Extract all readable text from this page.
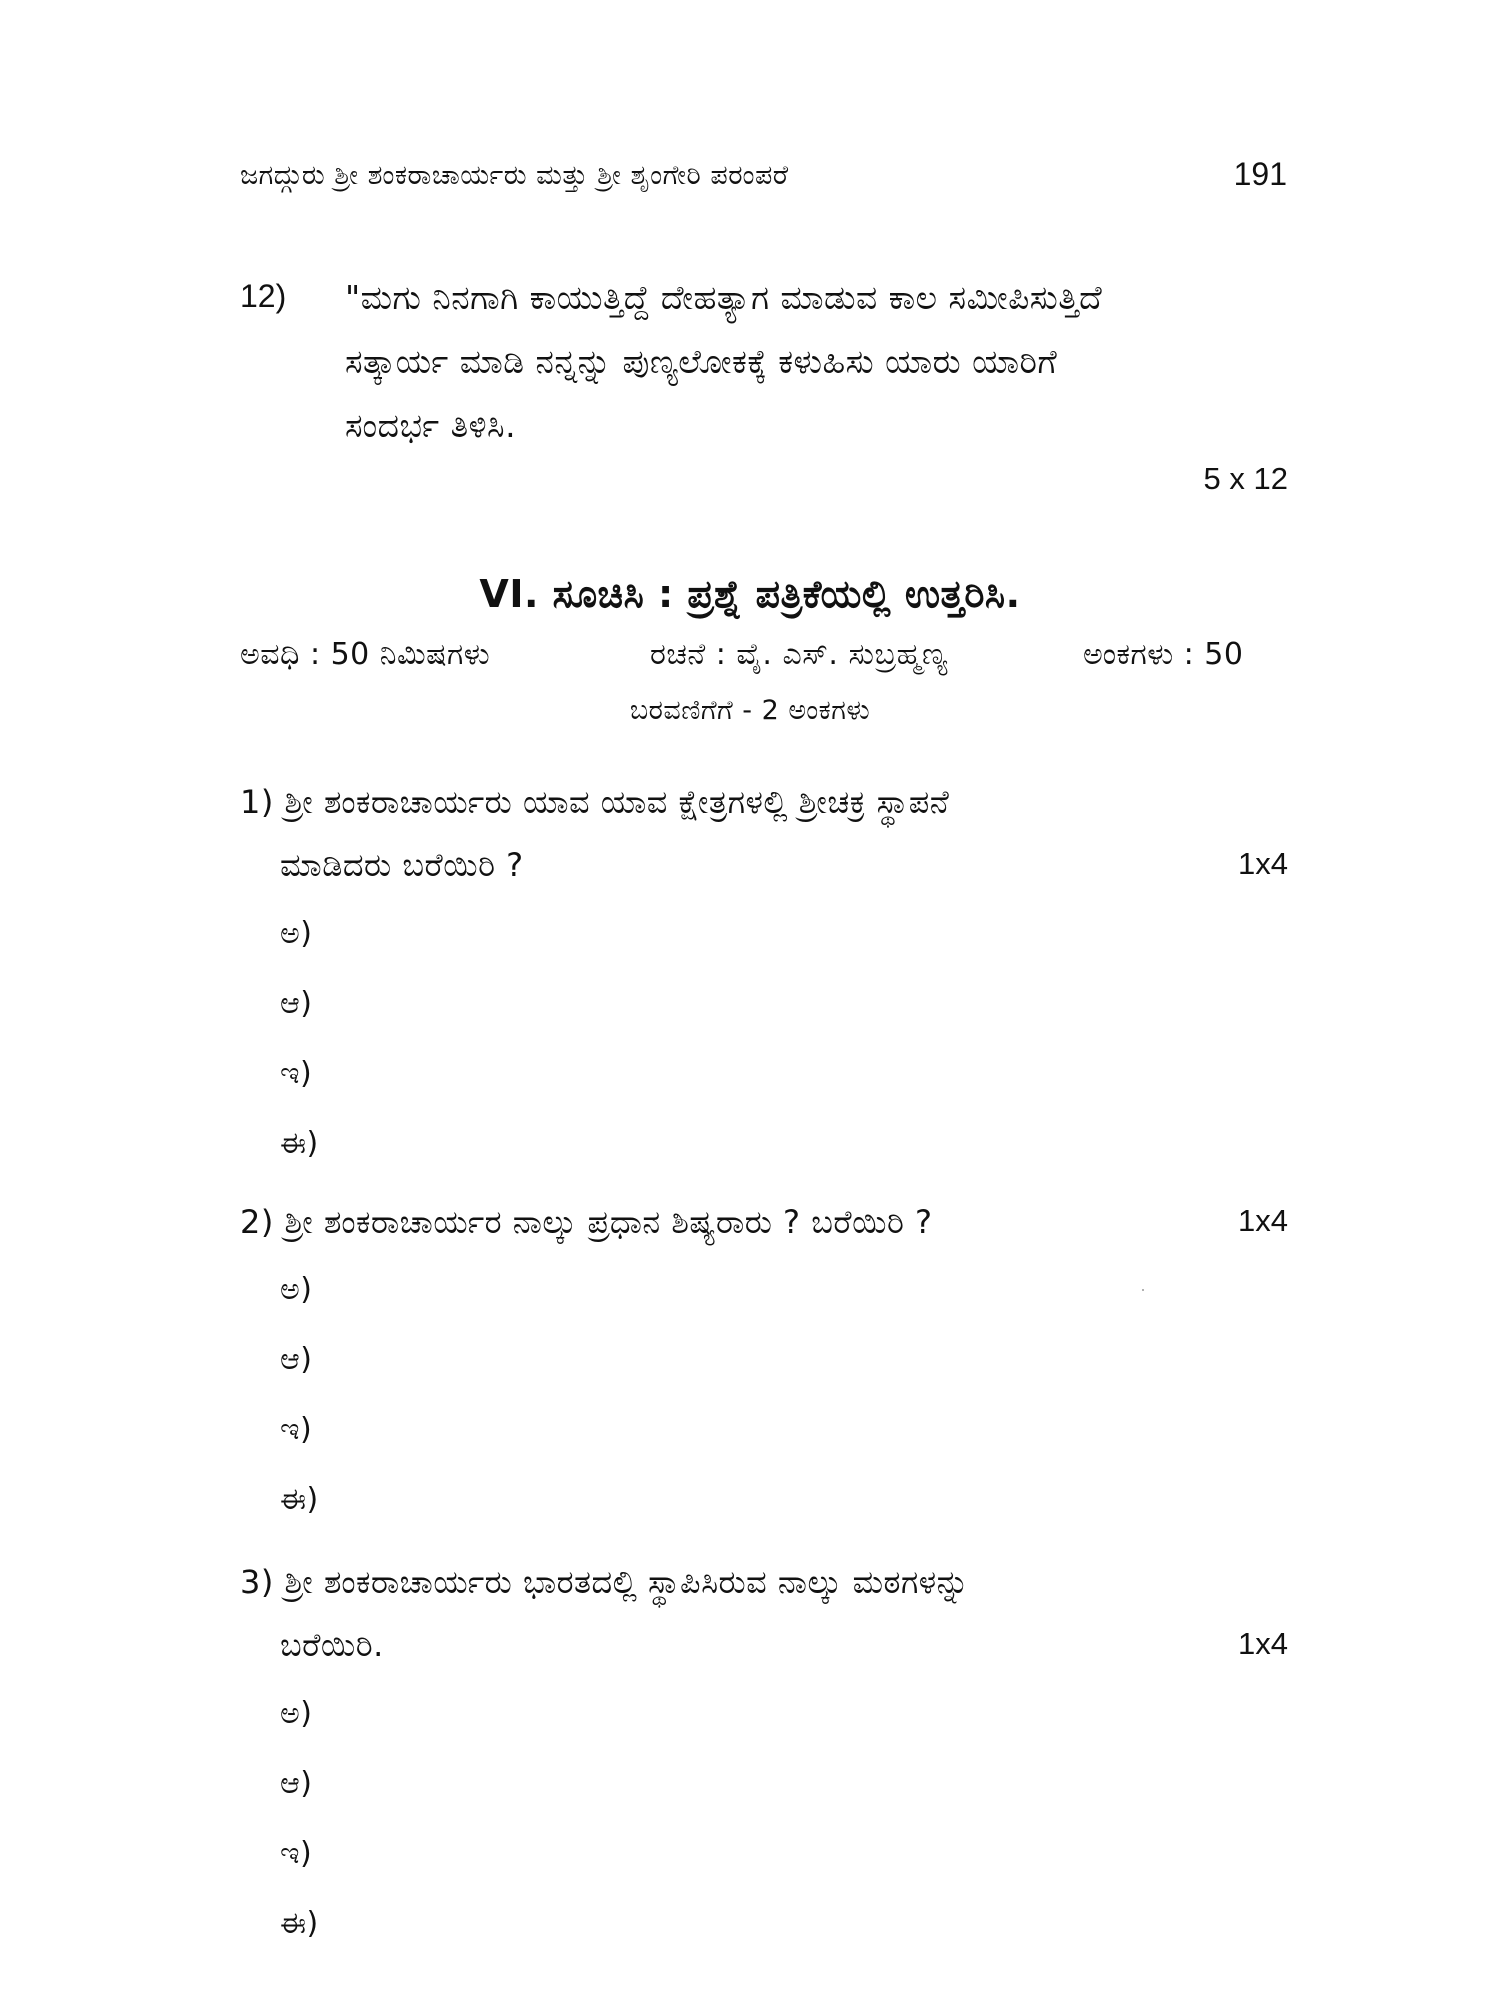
ಜಗದ್ಗುರು ಶ್ರೀ ಶಂಕರಾಚಾರ್ಯರು ಮತ್ತು ಶ್ರೀ ಶೃಂಗೇರಿ ಪರಂಪರೆ	191
12) "ಮಗು ನಿನಗಾಗಿ ಕಾಯುತ್ತಿದ್ದೆ ದೇಹತ್ಯಾಗ ಮಾಡುವ ಕಾಲ ಸಮೀಪಿಸುತ್ತಿದೆ
ಸತ್ಕಾರ್ಯ ಮಾಡಿ ನನ್ನನ್ನು ಪುಣ್ಯಲೋಕಕ್ಕೆ ಕಳುಹಿಸು ಯಾರು ಯಾರಿಗೆ
ಸಂದರ್ಭ ತಿಳಿಸಿ.
5 x 12
VI. ಸೂಚಿಸಿ : ಪ್ರಶ್ನೆ ಪತ್ರಿಕೆಯಲ್ಲಿ ಉತ್ತರಿಸಿ.
ಅವಧಿ : 50 ನಿಮಿಷಗಳು	ರಚನೆ : ವೈ. ಎಸ್. ಸುಬ್ರಹ್ಮಣ್ಯ	ಅಂಕಗಳು : 50
ಬರವಣಿಗೆಗೆ - 2 ಅಂಕಗಳು
1) ಶ್ರೀ ಶಂಕರಾಚಾರ್ಯರು ಯಾವ ಯಾವ ಕ್ಷೇತ್ರಗಳಲ್ಲಿ ಶ್ರೀಚಕ್ರ ಸ್ಥಾಪನೆ
ಮಾಡಿದರು ಬರೆಯಿರಿ ?	1x4
ಅ)
ಆ)
ಇ)
ಈ)
2) ಶ್ರೀ ಶಂಕರಾಚಾರ್ಯರ ನಾಲ್ಕು ಪ್ರಧಾನ ಶಿಷ್ಯರಾರು ? ಬರೆಯಿರಿ ?	1x4
ಅ)
ಆ)
ಇ)
ಈ)
3) ಶ್ರೀ ಶಂಕರಾಚಾರ್ಯರು ಭಾರತದಲ್ಲಿ ಸ್ಥಾಪಿಸಿರುವ ನಾಲ್ಕು ಮಠಗಳನ್ನು
ಬರೆಯಿರಿ.	1x4
ಅ)
ಆ)
ಇ)
ಈ)
